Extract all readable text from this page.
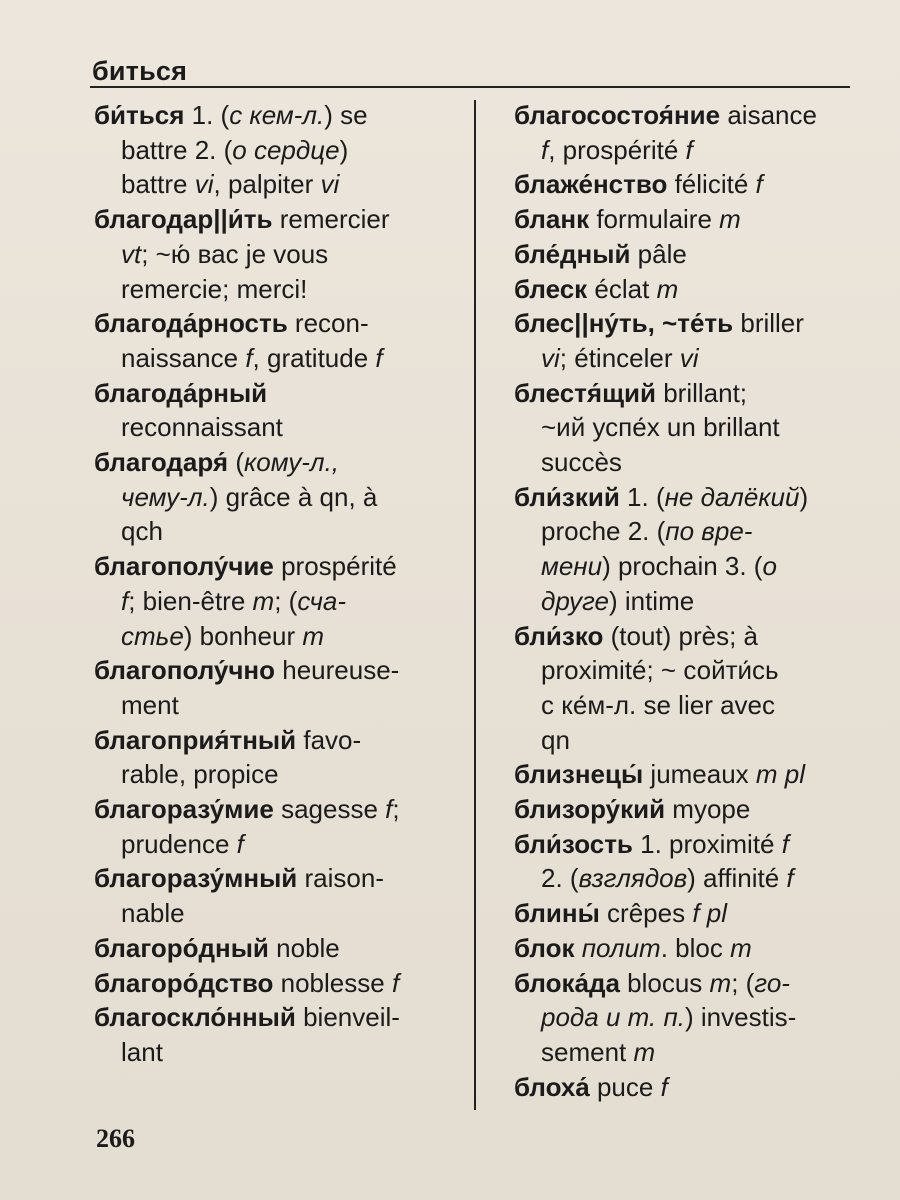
биться
би́ться 1. (с кем-л.) se
battre 2. (о сердце)
battre vi, palpiter vi
благодар||и́ть remercier
vt; ~ю́ вас je vous
remercie; merci!
благода́рность recon-
naissance f, gratitude f
благода́рный
reconnaissant
благодаря́ (кому-л.,
чему-л.) grâce à qn, à
qch
благополу́чие prospérité
f; bien-être m; (сча-
стье) bonheur m
благополу́чно heureuse-
ment
благоприя́тный favo-
rable, propice
благоразу́мие sagesse f;
prudence f
благоразу́мный raison-
nable
благоро́дный noble
благоро́дство noblesse f
благоскло́нный bienveil-
lant
благосостоя́ние aisance
f, prospérité f
блаже́нство félicité f
бланк formulaire m
бле́дный pâle
блеск éclat m
блес||ну́ть, ~те́ть briller
vi; étinceler vi
блестя́щий brillant;
~ий успе́х un brillant
succès
бли́зкий 1. (не далёкий)
proche 2. (по вре-
мени) prochain 3. (о
друге) intime
бли́зко (tout) près; à
proximité; ~ сойти́сь
с ке́м-л. se lier avec
qn
близнецы́ jumeaux m pl
близору́кий myope
бли́зость 1. proximité f
2. (взглядов) affinité f
блины́ crêpes f pl
блок полит. bloc m
блока́да blocus m; (го-
рода и т. п.) investis-
sement m
блоха́ puce f
266
